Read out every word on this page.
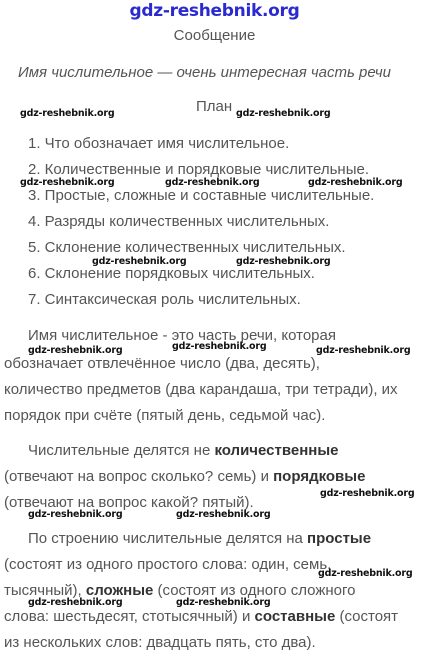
gdz-reshebnik.org
Сообщение
Имя числительное — очень интересная часть речи
План
1. Что обозначает имя числительное.
2. Количественные и порядковые числительные.
3. Простые, сложные и составные числительные.
4. Разряды количественных числительных.
5. Склонение количественных числительных.
6. Склонение порядковых числительных.
7. Синтаксическая роль числительных.
Имя числительное - это часть речи, которая
обозначает отвлечённое число (два, десять),
количество предметов (два карандаша, три тетради), их
порядок при счёте (пятый день, седьмой час).
Числительные делятся не количественные
(отвечают на вопрос сколько? семь) и порядковые
(отвечают на вопрос какой? пятый).
По строению числительные делятся на простые
(состоят из одного простого слова: один, семь,
тысячный), сложные (состоят из одного сложного
слова: шестьдесят, стотысячный) и составные (состоят
из нескольких слов: двадцать пять, сто два).
gdz-reshebnik.org	gdz-reshebnik.org
gdz-reshebnik.org	gdz-reshebnik.org	gdz-reshebnik.org
gdz-reshebnik.org	gdz-reshebnik.org
gdz-reshebnik.org	gdz-reshebnik.org	gdz-reshebnik.org
gdz-reshebnik.org
gdz-reshebnik.org	gdz-reshebnik.org
gdz-reshebnik.org
gdz-reshebnik.org	gdz-reshebnik.org
